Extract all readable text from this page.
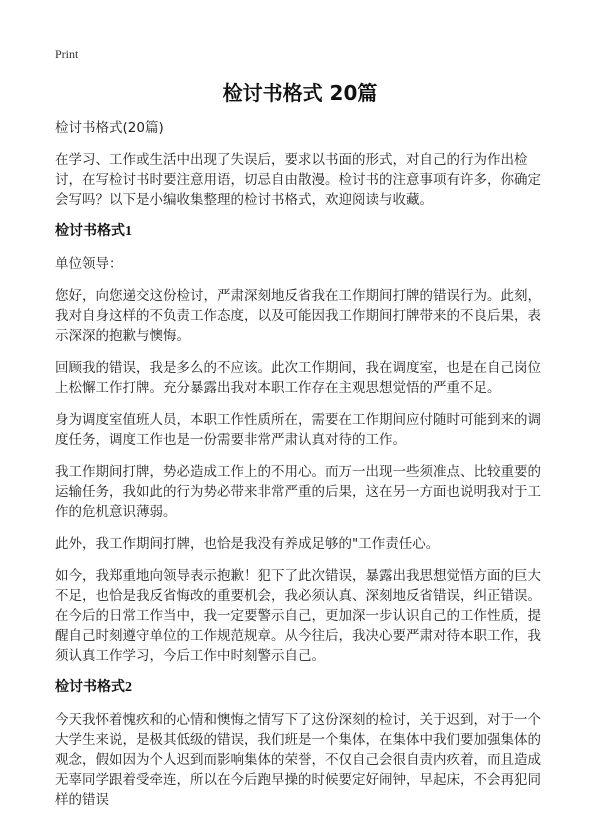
Print
检讨书格式 20篇
检讨书格式(20篇)
在学习、工作或生活中出现了失误后，要求以书面的形式，对自己的行为作出检讨，在写检讨书时要注意用语，切忌自由散漫。检讨书的注意事项有许多，你确定会写吗？以下是小编收集整理的检讨书格式，欢迎阅读与收藏。
检讨书格式1
单位领导：
您好，向您递交这份检讨，严肃深刻地反省我在工作期间打牌的错误行为。此刻，我对自身这样的不负责工作态度，以及可能因我工作期间打牌带来的不良后果，表示深深的抱歉与懊悔。
回顾我的错误，我是多么的不应该。此次工作期间，我在调度室，也是在自己岗位上松懈工作打牌。充分暴露出我对本职工作存在主观思想觉悟的严重不足。
身为调度室值班人员，本职工作性质所在，需要在工作期间应付随时可能到来的调度任务，调度工作也是一份需要非常严肃认真对待的工作。
我工作期间打牌，势必造成工作上的不用心。而万一出现一些须准点、比较重要的运输任务，我如此的行为势必带来非常严重的后果，这在另一方面也说明我对于工作的危机意识薄弱。
此外，我工作期间打牌，也恰是我没有养成足够的"工作责任心。
如今，我郑重地向领导表示抱歉！犯下了此次错误，暴露出我思想觉悟方面的巨大不足，也恰是我反省悔改的重要机会，我必须认真、深刻地反省错误，纠正错误。在今后的日常工作当中，我一定要警示自己，更加深一步认识自己的工作性质，提醒自己时刻遵守单位的工作规范规章。从今往后，我决心要严肃对待本职工作，我须认真工作学习，今后工作中时刻警示自己。
检讨书格式2
今天我怀着愧疚和的心情和懊悔之情写下了这份深刻的检讨，关于迟到，对于一个大学生来说，是极其低级的错误，我们班是一个集体，在集体中我们要加强集体的观念，假如因为个人迟到而影响集体的荣誉，不仅自己会很自责内疚着，而且造成无辜同学跟着受牵连，所以在今后跑早操的时候要定好闹钟，早起床，不会再犯同样的错误
